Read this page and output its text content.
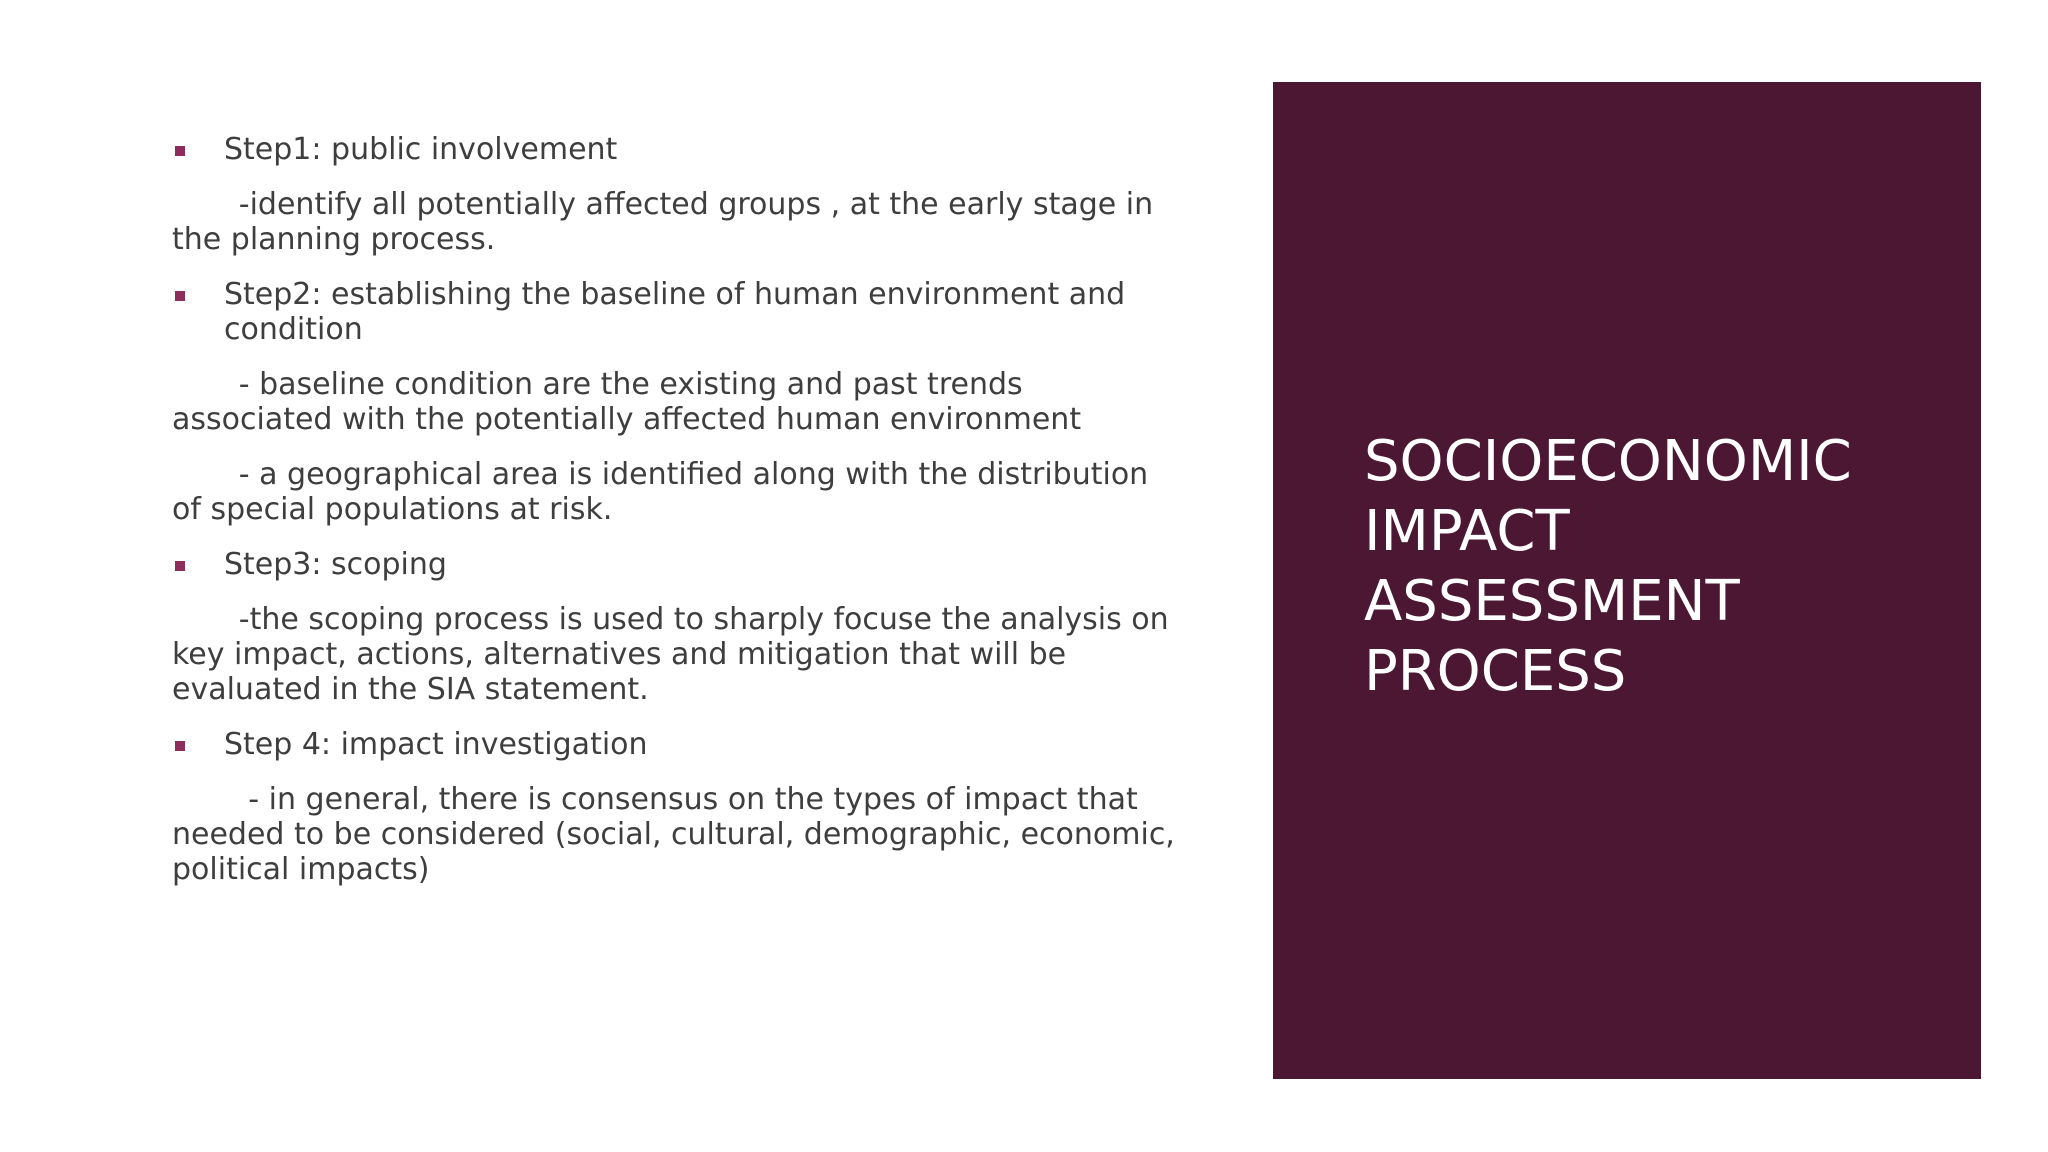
Step1: public involvement

-identify all potentially affected groups , at the early stage in the planning process.

Step2: establishing the baseline of human environment and condition

- baseline condition are the existing and past trends associated with the potentially affected human environment

- a geographical area is identified along with the distribution of special populations at risk.

Step3: scoping

-the scoping process is used to sharply focuse the analysis on key impact, actions, alternatives and mitigation that will be evaluated in the SIA statement.

Step 4: impact investigation

- in general, there is consensus on the types of impact that needed to be considered (social, cultural, demographic, economic, political impacts)

SOCIOECONOMIC
IMPACT
ASSESSMENT
PROCESS
